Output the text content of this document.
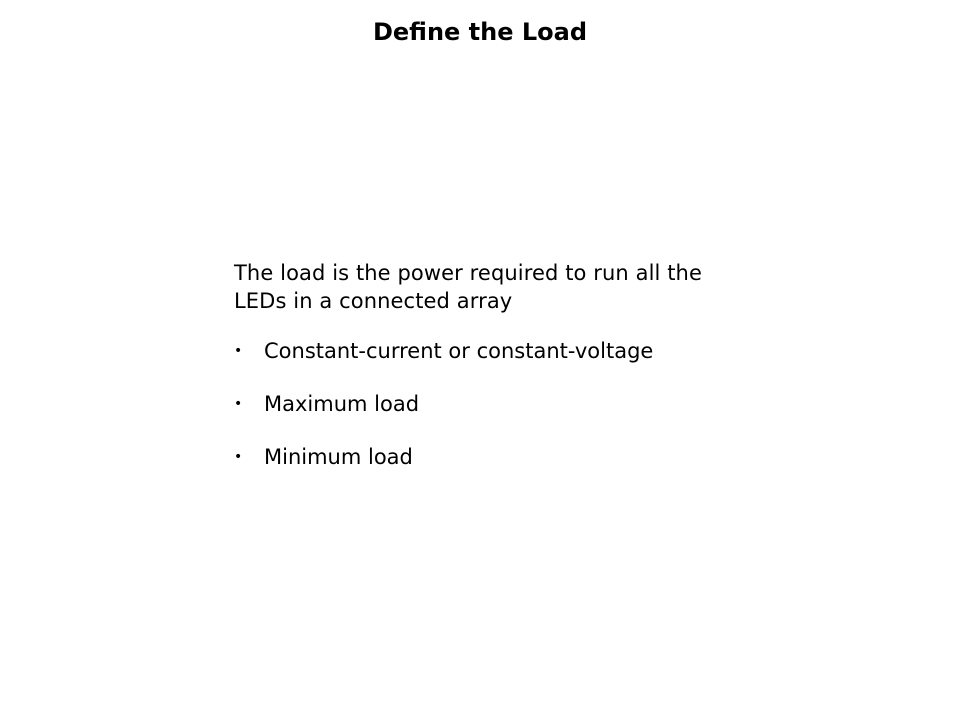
Define the Load

The load is the power required to run all the LEDs in a connected array

• Constant-current or constant-voltage
• Maximum load
• Minimum load
